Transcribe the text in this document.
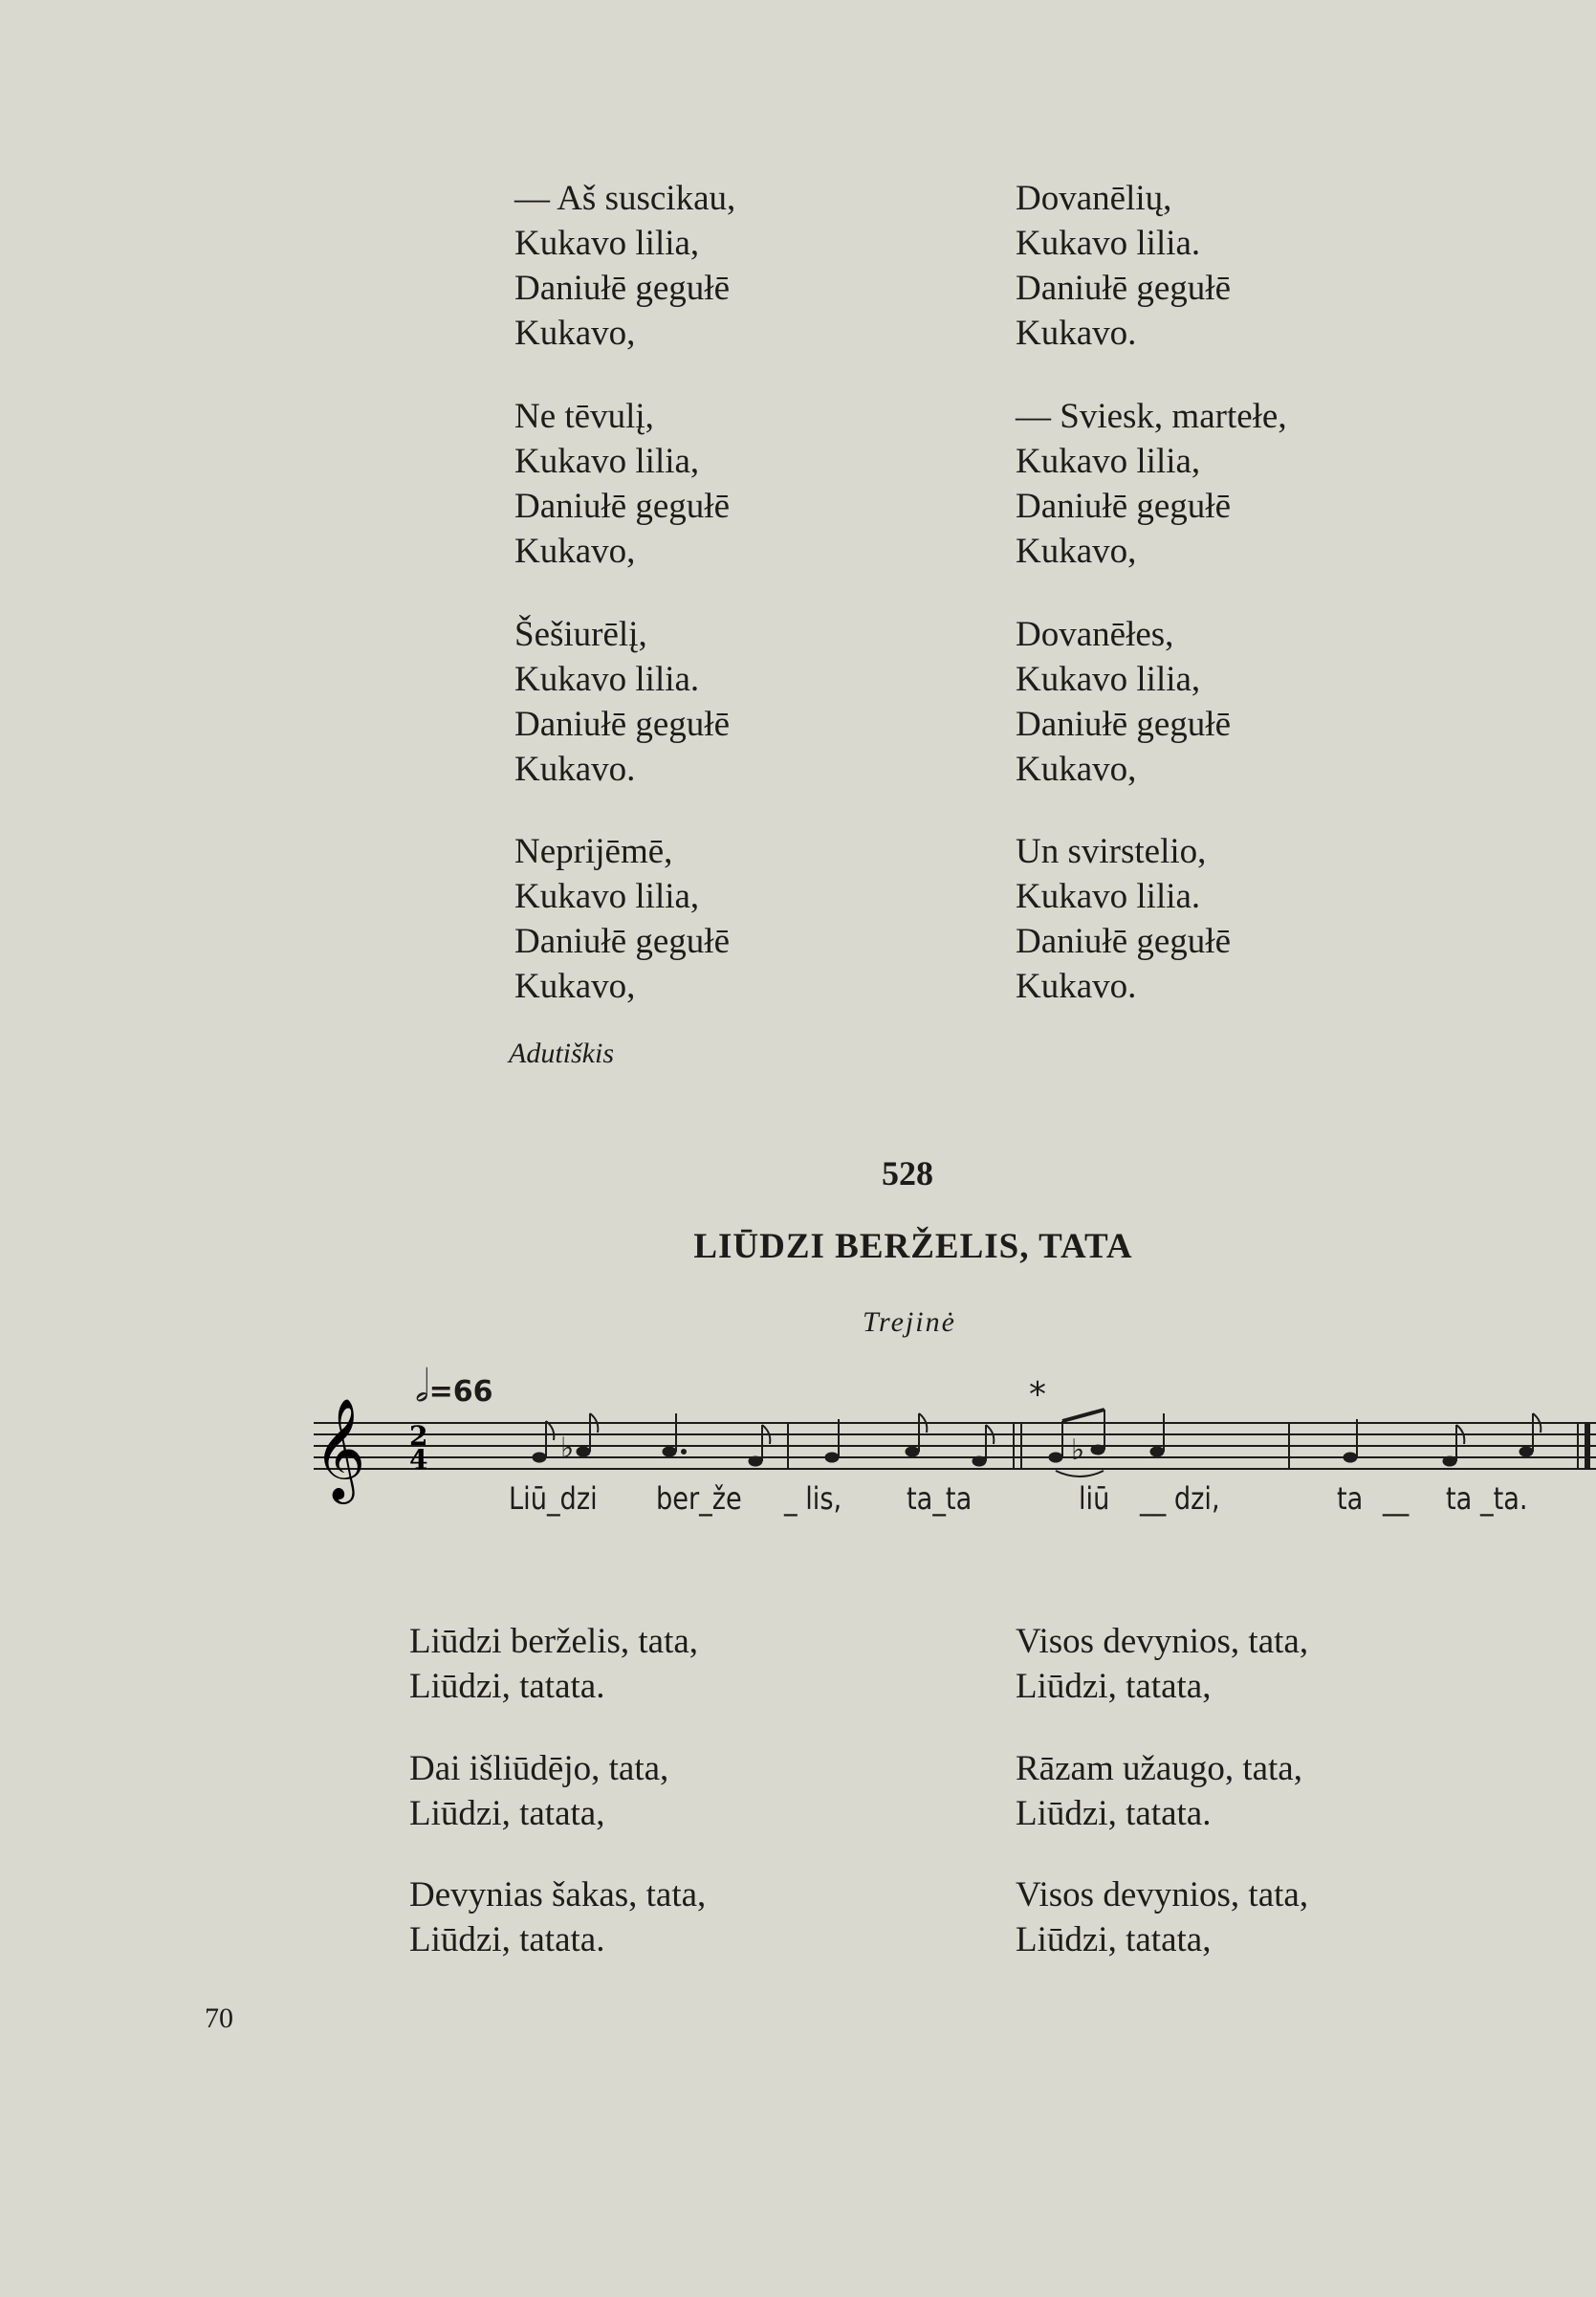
— Aš suscikau,
Kukavo lilia,
Daniułē gegułē
Kukavo,
Ne tēvulį,
Kukavo lilia,
Daniułē gegułē
Kukavo,
Šešiurēlį,
Kukavo lilia.
Daniułē gegułē
Kukavo.
Neprijēmē,
Kukavo lilia,
Daniułē gegułē
Kukavo,
Dovanēlių,
Kukavo lilia.
Daniułē gegułē
Kukavo.
— Sviesk, martełe,
Kukavo lilia,
Daniułē gegułē
Kukavo,
Dovanēłes,
Kukavo lilia,
Daniułē gegułē
Kukavo,
Un svirstelio,
Kukavo lilia.
Daniułē gegułē
Kukavo.
Adutiškis
528
LIŪDZI BERŽELIS, TATA
Trejinė
𝅗𝅥=66
𝄞 2
4	♭
*
♭
Liū_dzi ber_že _ lis, ta_ta	liū __ dzi,	ta __ ta _ta.
Liūdzi berželis, tata,
Liūdzi, tatata.
Dai išliūdējo, tata,
Liūdzi, tatata,
Devynias šakas, tata,
Liūdzi, tatata.
Visos devynios, tata,
Liūdzi, tatata,
Rāzam užaugo, tata,
Liūdzi, tatata.
Visos devynios, tata,
Liūdzi, tatata,
70
